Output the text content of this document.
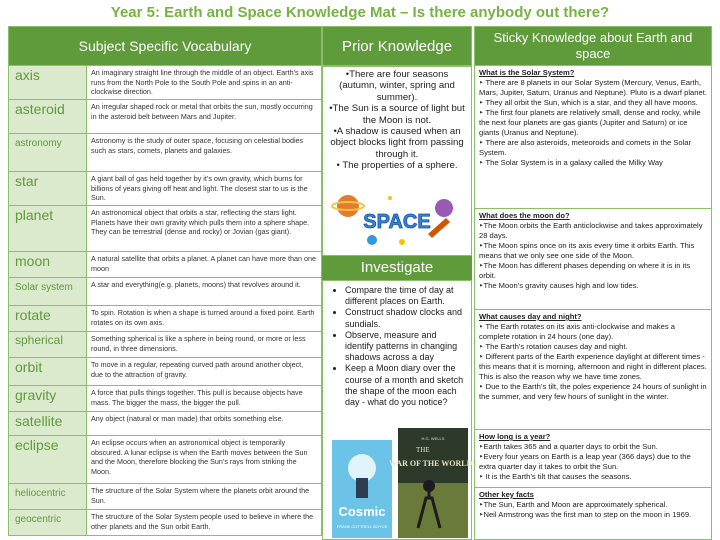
Year 5: Earth and Space Knowledge Mat – Is there anybody out there?
Subject Specific Vocabulary	Prior Knowledge	Sticky Knowledge about Earth and space
axis	An imaginary straight line through the middle of an object. Earth’s axis runs from the North Pole to the South Pole and spins in an anti-clockwise direction.
asteroid	An irregular shaped rock or metal that orbits the sun, mostly occurring in the asteroid belt between Mars and Jupiter.
astronomy	Astronomy is the study of outer space, focusing on celestial bodies such as stars, comets, planets and galaxies.
star	A giant ball of gas held together by it’s own gravity, which burns for billions of years giving off heat and light. The closest star to us is the Sun.
planet	An astronomical object that orbits a star, reflecting the stars light. Planets have their own gravity which pulls them into a sphere shape. They can be terrestrial (dense and rocky) or Jovian (gas giant).
moon	A natural satellite that orbits a planet. A planet can have more than one moon
Solar system	A star and everything(e.g. planets, moons) that revolves around it.
rotate	To spin. Rotation is when a shape is turned around a fixed point. Earth rotates on its own axis.
spherical	Something spherical is like a sphere in being round, or more or less round, in three dimensions.
orbit	To move in a regular, repeating curved path around another object, due to the attraction of gravity.
gravity	A force that pulls things together. This pull is because objects have mass. The bigger the mass, the bigger the pull.
satellite	Any object (natural or man made) that orbits something else.
eclipse	An eclipse occurs when an astronomical object is temporarily obscured. A lunar eclipse is when the Earth moves between the Sun and the Moon, therefore blocking the Sun’s rays from striking the Moon.
heliocentric	The structure of the Solar System where the planets orbit around the Sun.
geocentric	The structure of the Solar System people used to believe in where the other planets and the Sun orbit Earth.
•There are four seasons (autumn, winter, spring and summer).
•The Sun is a source of light but the Moon is not.
•A shadow is caused when an object blocks light from passing through it.
• The properties of a sphere.
SPACE
Investigate
• Compare the time of day at different places on Earth.
• Construct shadow clocks and sundials.
• Observe, measure and identify patterns in changing shadows across a day
• Keep a Moon diary over the course of a month and sketch the shape of the moon each day - what do you notice?
Cosmic
FRANK COTTRELL BOYCE
H.G. WELLS
THE
WAR OF THE WORLDS
What is the Solar System?
‣ There are 8 planets in our Solar System (Mercury, Venus, Earth, Mars, Jupiter, Saturn, Uranus and Neptune). Pluto is a dwarf planet.
‣ They all orbit the Sun, which is a star, and they all have moons.
‣ The first four planets are relatively small, dense and rocky, while the next four planets are gas giants (Jupiter and Saturn) or ice giants (Uranus and Neptune).
‣ There are also asteroids, meteoroids and comets in the Solar System.
‣ The Solar System is in a galaxy called the Milky Way
What does the moon do?
‣The Moon orbits the Earth anticlockwise and takes approximately 28 days.
‣The Moon spins once on its axis every time it orbits Earth. This means that we only see one side of the Moon.
‣The Moon has different phases depending on where it is in its orbit.
‣The Moon’s gravity causes high and low tides.
What causes day and night?
‣ The Earth rotates on its axis anti-clockwise and makes a complete rotation in 24 hours (one day).
‣ The Earth’s rotation causes day and night.
‣ Different parts of the Earth experience daylight at different times - this means that it is morning, afternoon and night in different places. This is also the reason why we have time zones.
‣ Due to the Earth’s tilt, the poles experience 24 hours of sunlight in the summer, and very few hours of sunlight in the winter.
How long is a year?
‣Earth takes 365 and a quarter days to orbit the Sun.
‣Every four years on Earth is a leap year (366 days) due to the extra quarter day it takes to orbit the Sun.
‣ It is the Earth’s tilt that causes the seasons.
Other key facts
‣The Sun, Earth and Moon are approximately spherical.
‣Neil Armstrong was the first man to step on the moon in 1969.
